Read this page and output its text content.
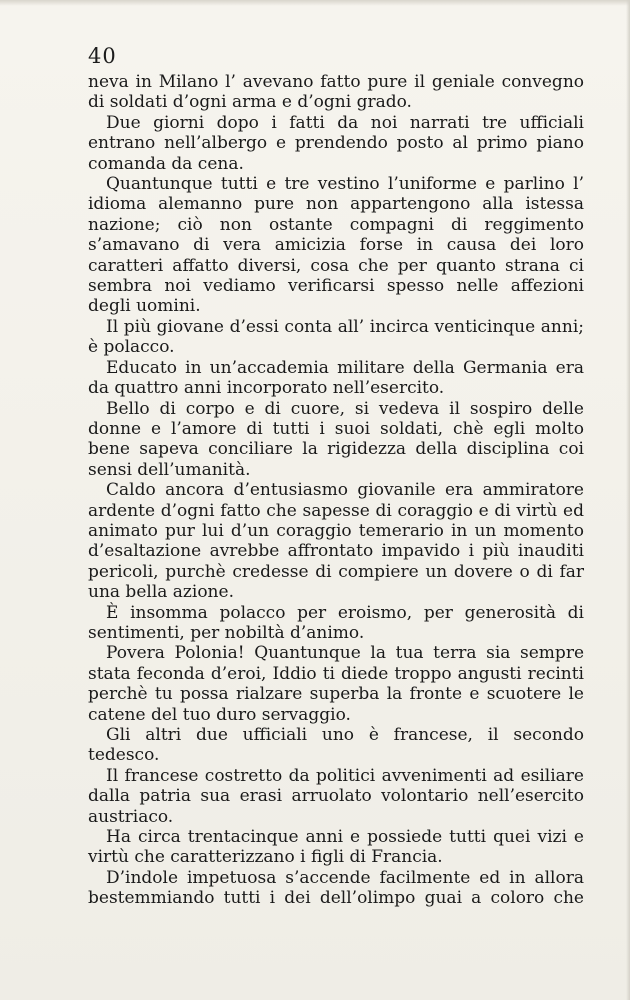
40

neva in Milano l’ avevano fatto pure il geniale convegno di soldati d’ogni arma e d’ogni grado.

Due giorni dopo i fatti da noi narrati tre ufficiali entrano nell’albergo e prendendo posto al primo piano comanda da cena.

Quantunque tutti e tre vestino l’uniforme e parlino l’ idioma alemanno pure non appartengono alla istessa nazione; ciò non ostante compagni di reggimento s’amavano di vera amicizia forse in causa dei loro caratteri affatto diversi, cosa che per quanto strana ci sembra noi vediamo verificarsi spesso nelle affezioni degli uomini.

Il più giovane d’essi conta all’ incirca venticinque anni; è polacco.

Educato in un’accademia militare della Germania era da quattro anni incorporato nell’esercito.

Bello di corpo e di cuore, si vedeva il sospiro delle donne e l’amore di tutti i suoi soldati, chè egli molto bene sapeva conciliare la rigidezza della disciplina coi sensi dell’umanità.

Caldo ancora d’entusiasmo giovanile era ammiratore ardente d’ogni fatto che sapesse di coraggio e di virtù ed animato pur lui d’un coraggio temerario in un momento d’esaltazione avrebbe affrontato impavido i più inauditi pericoli, purchè credesse di compiere un dovere o di far una bella azione.

È insomma polacco per eroismo, per generosità di sentimenti, per nobiltà d’animo.

Povera Polonia! Quantunque la tua terra sia sempre stata feconda d’eroi, Iddio ti diede troppo angusti recinti perchè tu possa rialzare superba la fronte e scuotere le catene del tuo duro servaggio.

Gli altri due ufficiali uno è francese, il secondo tedesco.

Il francese costretto da politici avvenimenti ad esiliare dalla patria sua erasi arruolato volontario nell’esercito austriaco.

Ha circa trentacinque anni e possiede tutti quei vizi e virtù che caratterizzano i figli di Francia.

D’indole impetuosa s’accende facilmente ed in allora bestemmiando tutti i dei dell’olimpo guai a coloro che
